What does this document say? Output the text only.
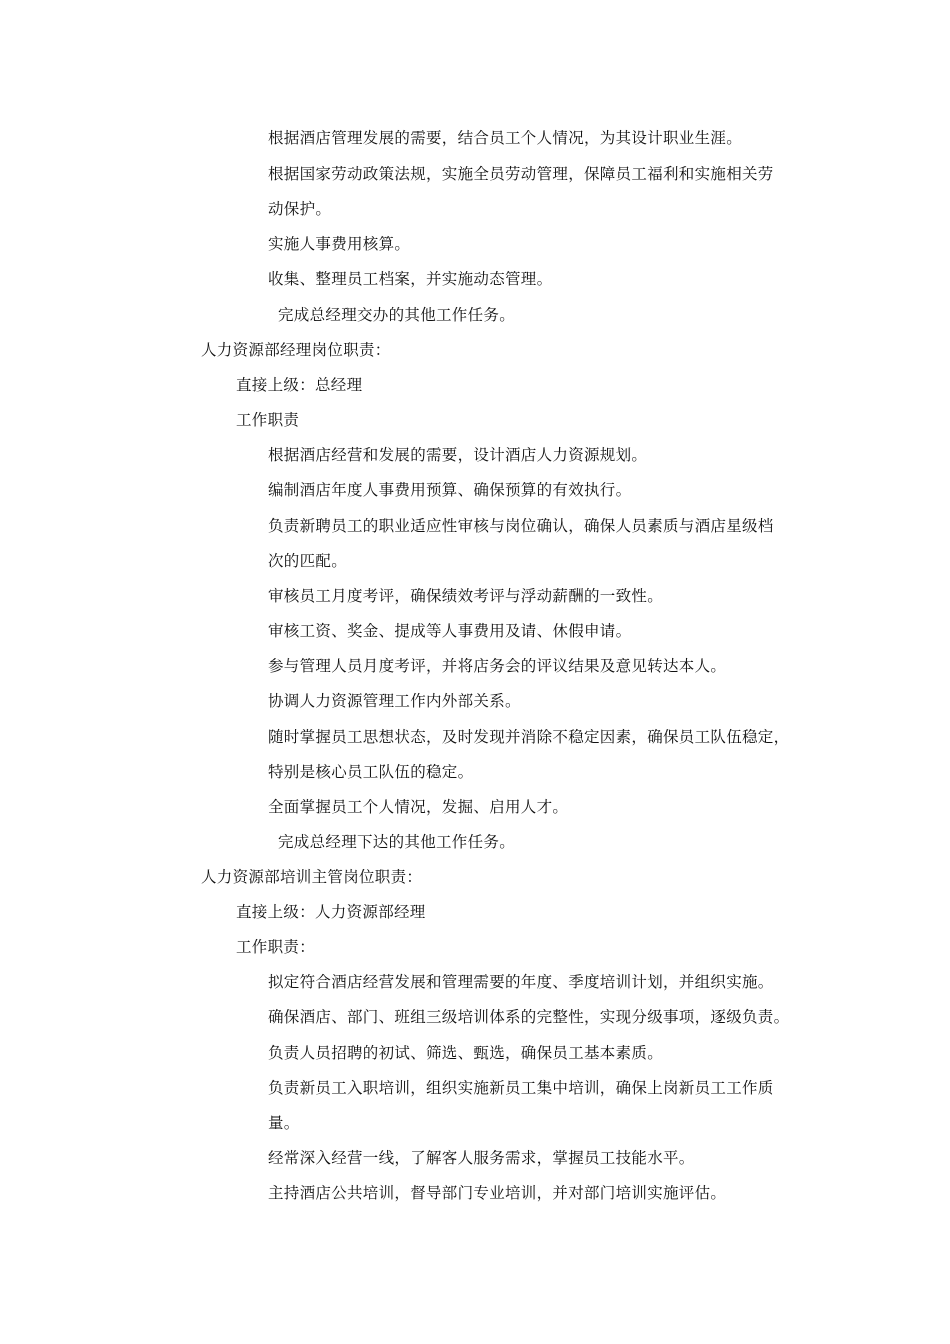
根据酒店管理发展的需要，结合员工个人情况，为其设计职业生涯。
根据国家劳动政策法规，实施全员劳动管理，保障员工福利和实施相关劳
动保护。
实施人事费用核算。
收集、整理员工档案，并实施动态管理。
完成总经理交办的其他工作任务。
人力资源部经理岗位职责：
直接上级：总经理
工作职责
根据酒店经营和发展的需要，设计酒店人力资源规划。
编制酒店年度人事费用预算、确保预算的有效执行。
负责新聘员工的职业适应性审核与岗位确认，确保人员素质与酒店星级档
次的匹配。
审核员工月度考评，确保绩效考评与浮动薪酬的一致性。
审核工资、奖金、提成等人事费用及请、休假申请。
参与管理人员月度考评，并将店务会的评议结果及意见转达本人。
协调人力资源管理工作内外部关系。
随时掌握员工思想状态，及时发现并消除不稳定因素，确保员工队伍稳定，
特别是核心员工队伍的稳定。
全面掌握员工个人情况，发掘、启用人才。
完成总经理下达的其他工作任务。
人力资源部培训主管岗位职责：
直接上级：人力资源部经理
工作职责：
拟定符合酒店经营发展和管理需要的年度、季度培训计划，并组织实施。
确保酒店、部门、班组三级培训体系的完整性，实现分级事项，逐级负责。
负责人员招聘的初试、筛选、甄选，确保员工基本素质。
负责新员工入职培训，组织实施新员工集中培训，确保上岗新员工工作质
量。
经常深入经营一线，了解客人服务需求，掌握员工技能水平。
主持酒店公共培训，督导部门专业培训，并对部门培训实施评估。
